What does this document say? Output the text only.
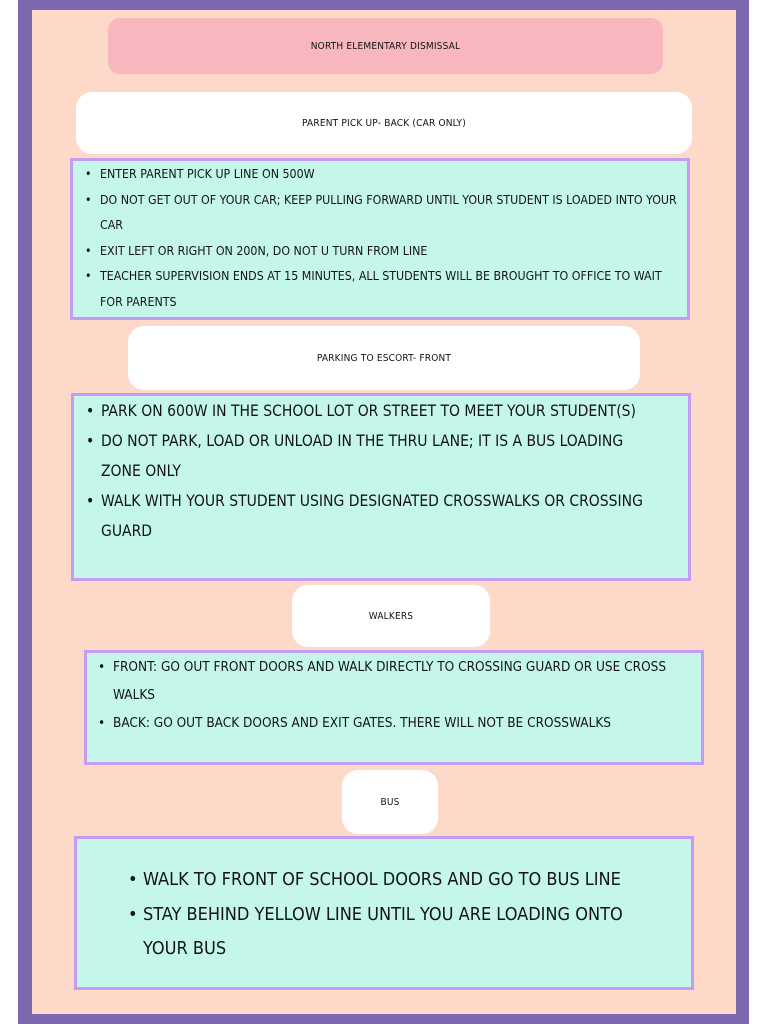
NORTH ELEMENTARY DISMISSAL
PARENT PICK UP- BACK (CAR ONLY)
• ENTER PARENT PICK UP LINE ON 500W
• DO NOT GET OUT OF YOUR CAR; KEEP PULLING FORWARD UNTIL YOUR STUDENT IS LOADED INTO YOUR CAR
• EXIT LEFT OR RIGHT ON 200N, DO NOT U TURN FROM LINE
• TEACHER SUPERVISION ENDS AT 15 MINUTES, ALL STUDENTS WILL BE BROUGHT TO OFFICE TO WAIT FOR PARENTS
PARKING TO ESCORT- FRONT
• PARK ON 600W IN THE SCHOOL LOT OR STREET TO MEET YOUR STUDENT(S)
• DO NOT PARK, LOAD OR UNLOAD IN THE THRU LANE; IT IS A BUS LOADING ZONE ONLY
• WALK WITH YOUR STUDENT USING DESIGNATED CROSSWALKS OR CROSSING GUARD
WALKERS
• FRONT: GO OUT FRONT DOORS AND WALK DIRECTLY TO CROSSING GUARD OR USE CROSS WALKS
• BACK: GO OUT BACK DOORS AND EXIT GATES. THERE WILL NOT BE CROSSWALKS
BUS
• WALK TO FRONT OF SCHOOL DOORS AND GO TO BUS LINE
• STAY BEHIND YELLOW LINE UNTIL YOU ARE LOADING ONTO YOUR BUS
